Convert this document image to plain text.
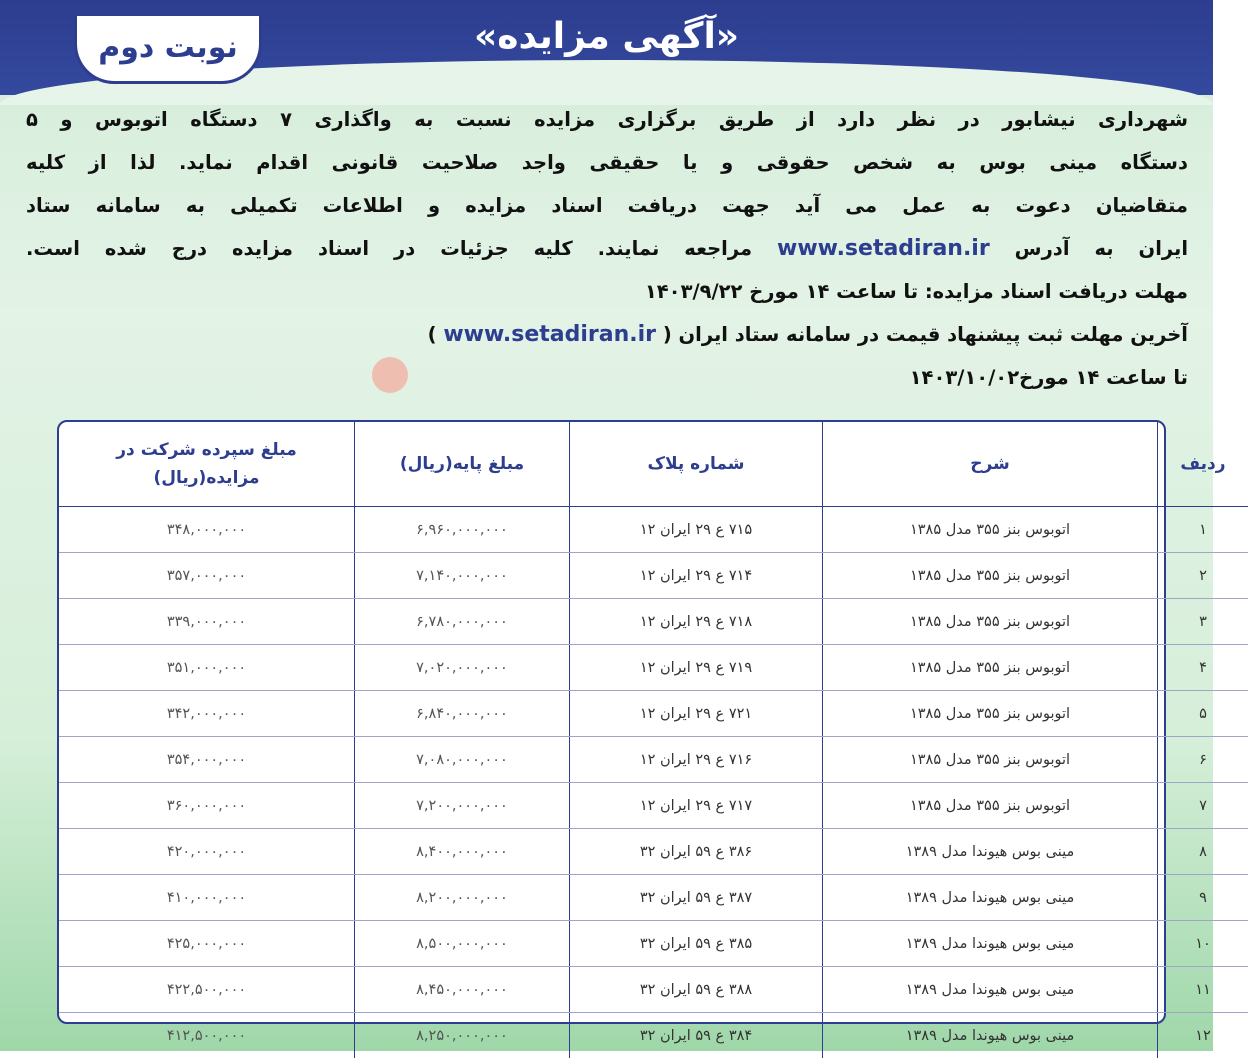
«آگهی مزایده»
نوبت دوم
شهرداری نیشابور در نظر دارد از طریق برگزاری مزایده نسبت به واگذاری ۷ دستگاه اتوبوس و ۵
دستگاه مینی بوس به شخص حقوقی و یا حقیقی واجد صلاحیت قانونی اقدام نماید. لذا از کلیه
متقاضیان دعوت به عمل می آید جهت دریافت اسناد مزایده و اطلاعات تکمیلی به سامانه ستاد
ایران به آدرس www.setadiran.ir مراجعه نمایند. کلیه جزئیات در اسناد مزایده درج شده است.
مهلت دریافت اسناد مزایده: تا ساعت ۱۴ مورخ ۱۴۰۳/۹/۲۲
آخرین مهلت ثبت پیشنهاد قیمت در سامانه ستاد ایران ( www.setadiran.ir )
تا ساعت ۱۴ مورخ۱۴۰۳/۱۰/۰۲
ردیف	شرح	شماره پلاک	مبلغ پایه(ریال)	مبلغ سپرده شرکت در مزایده(ریال)
۱	اتوبوس بنز ۳۵۵ مدل ۱۳۸۵	۷۱۵ ع ۲۹ ایران ۱۲	۶,۹۶۰,۰۰۰,۰۰۰	۳۴۸,۰۰۰,۰۰۰
۲	اتوبوس بنز ۳۵۵ مدل ۱۳۸۵	۷۱۴ ع ۲۹ ایران ۱۲	۷,۱۴۰,۰۰۰,۰۰۰	۳۵۷,۰۰۰,۰۰۰
۳	اتوبوس بنز ۳۵۵ مدل ۱۳۸۵	۷۱۸ ع ۲۹ ایران ۱۲	۶,۷۸۰,۰۰۰,۰۰۰	۳۳۹,۰۰۰,۰۰۰
۴	اتوبوس بنز ۳۵۵ مدل ۱۳۸۵	۷۱۹ ع ۲۹ ایران ۱۲	۷,۰۲۰,۰۰۰,۰۰۰	۳۵۱,۰۰۰,۰۰۰
۵	اتوبوس بنز ۳۵۵ مدل ۱۳۸۵	۷۲۱ ع ۲۹ ایران ۱۲	۶,۸۴۰,۰۰۰,۰۰۰	۳۴۲,۰۰۰,۰۰۰
۶	اتوبوس بنز ۳۵۵ مدل ۱۳۸۵	۷۱۶ ع ۲۹ ایران ۱۲	۷,۰۸۰,۰۰۰,۰۰۰	۳۵۴,۰۰۰,۰۰۰
۷	اتوبوس بنز ۳۵۵ مدل ۱۳۸۵	۷۱۷ ع ۲۹ ایران ۱۲	۷,۲۰۰,۰۰۰,۰۰۰	۳۶۰,۰۰۰,۰۰۰
۸	مینی بوس هیوندا مدل ۱۳۸۹	۳۸۶ ع ۵۹ ایران ۳۲	۸,۴۰۰,۰۰۰,۰۰۰	۴۲۰,۰۰۰,۰۰۰
۹	مینی بوس هیوندا مدل ۱۳۸۹	۳۸۷ ع ۵۹ ایران ۳۲	۸,۲۰۰,۰۰۰,۰۰۰	۴۱۰,۰۰۰,۰۰۰
۱۰	مینی بوس هیوندا مدل ۱۳۸۹	۳۸۵ ع ۵۹ ایران ۳۲	۸,۵۰۰,۰۰۰,۰۰۰	۴۲۵,۰۰۰,۰۰۰
۱۱	مینی بوس هیوندا مدل ۱۳۸۹	۳۸۸ ع ۵۹ ایران ۳۲	۸,۴۵۰,۰۰۰,۰۰۰	۴۲۲,۵۰۰,۰۰۰
۱۲	مینی بوس هیوندا مدل ۱۳۸۹	۳۸۴ ع ۵۹ ایران ۳۲	۸,۲۵۰,۰۰۰,۰۰۰	۴۱۲,۵۰۰,۰۰۰
